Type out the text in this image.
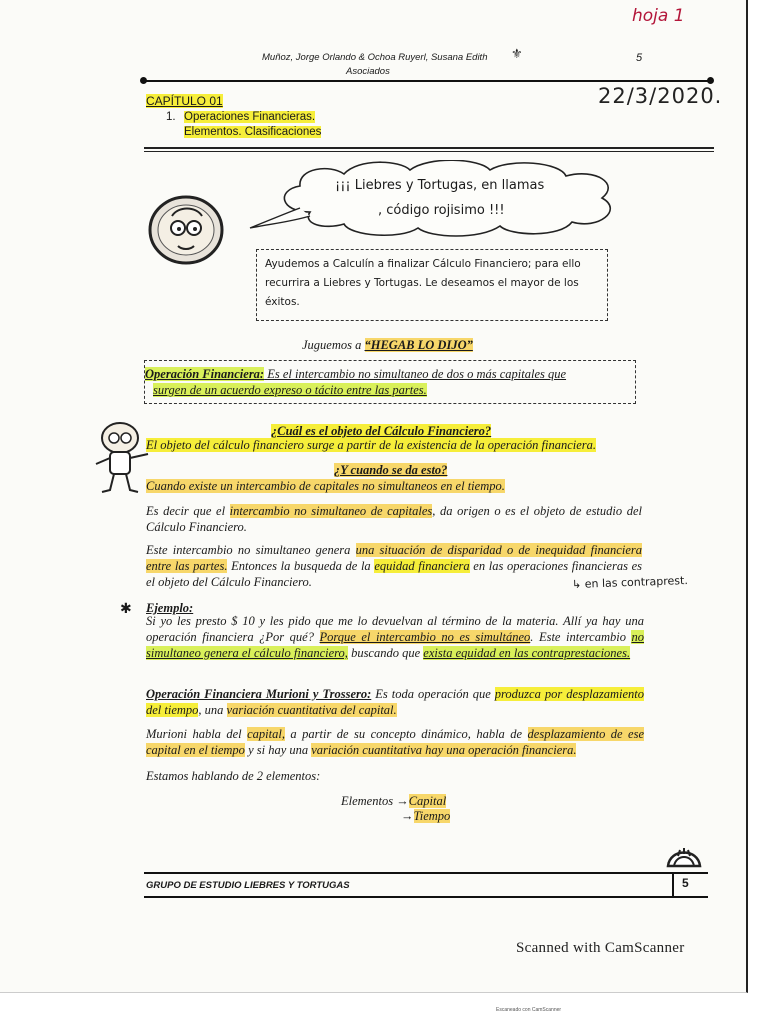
hoja 1
Muñoz, Jorge Orlando & Ochoa Ruyerl, Susana Edith
Asociados
⚜	5
22/3/2020.
CAPÍTULO 01
1. Operaciones Financieras.
Elementos. Clasificaciones
¡¡¡ Liebres y Tortugas, en llamas
, código rojisimo !!!
Ayudemos a Calculín a finalizar Cálculo Financiero; para ello recurrira a Liebres y Tortugas. Le deseamos el mayor de los éxitos.
Juguemos a “HEGAB LO DIJO”

Operación Financiera: Es el intercambio no simultaneo de dos o más capitales que

surgen de un acuerdo expreso o tácito entre las partes.

¿Cuál es el objeto del Cálculo Financiero?
El objeto del cálculo financiero surge a partir de la existencia de la operación financiera.
¿Y cuando se da esto?
Cuando existe un intercambio de capitales no simultaneos en el tiempo.

Es decir que el intercambio no simultaneo de capitales, da origen o es el objeto de estudio del Cálculo Financiero.

Este intercambio no simultaneo genera una situación de disparidad o de inequidad financiera entre las partes. Entonces la busqueda de la equidad financiera en las operaciones financieras es el objeto del Cálculo Financiero.	↳ en las contraprest.
✱ Ejemplo:

Si yo les presto $ 10 y les pido que me lo devuelvan al término de la materia. Allí ya hay una operación financiera ¿Por qué? Porque el intercambio no es simultáneo. Este intercambio no simultaneo genera el cálculo financiero, buscando que exista equidad en las contraprestaciones.

Operación Financiera Murioni y Trossero: Es toda operación que produzca por desplazamiento del tiempo, una variación cuantitativa del capital.

Murioni habla del capital, a partir de su concepto dinámico, habla de desplazamiento de ese capital en el tiempo y si hay una variación cuantitativa hay una operación financiera.

Estamos hablando de 2 elementos:
Elementos →Capital
→Tiempo
GRUPO DE ESTUDIO LIEBRES Y TORTUGAS	5
Scanned with CamScanner
Escaneado con CamScanner
